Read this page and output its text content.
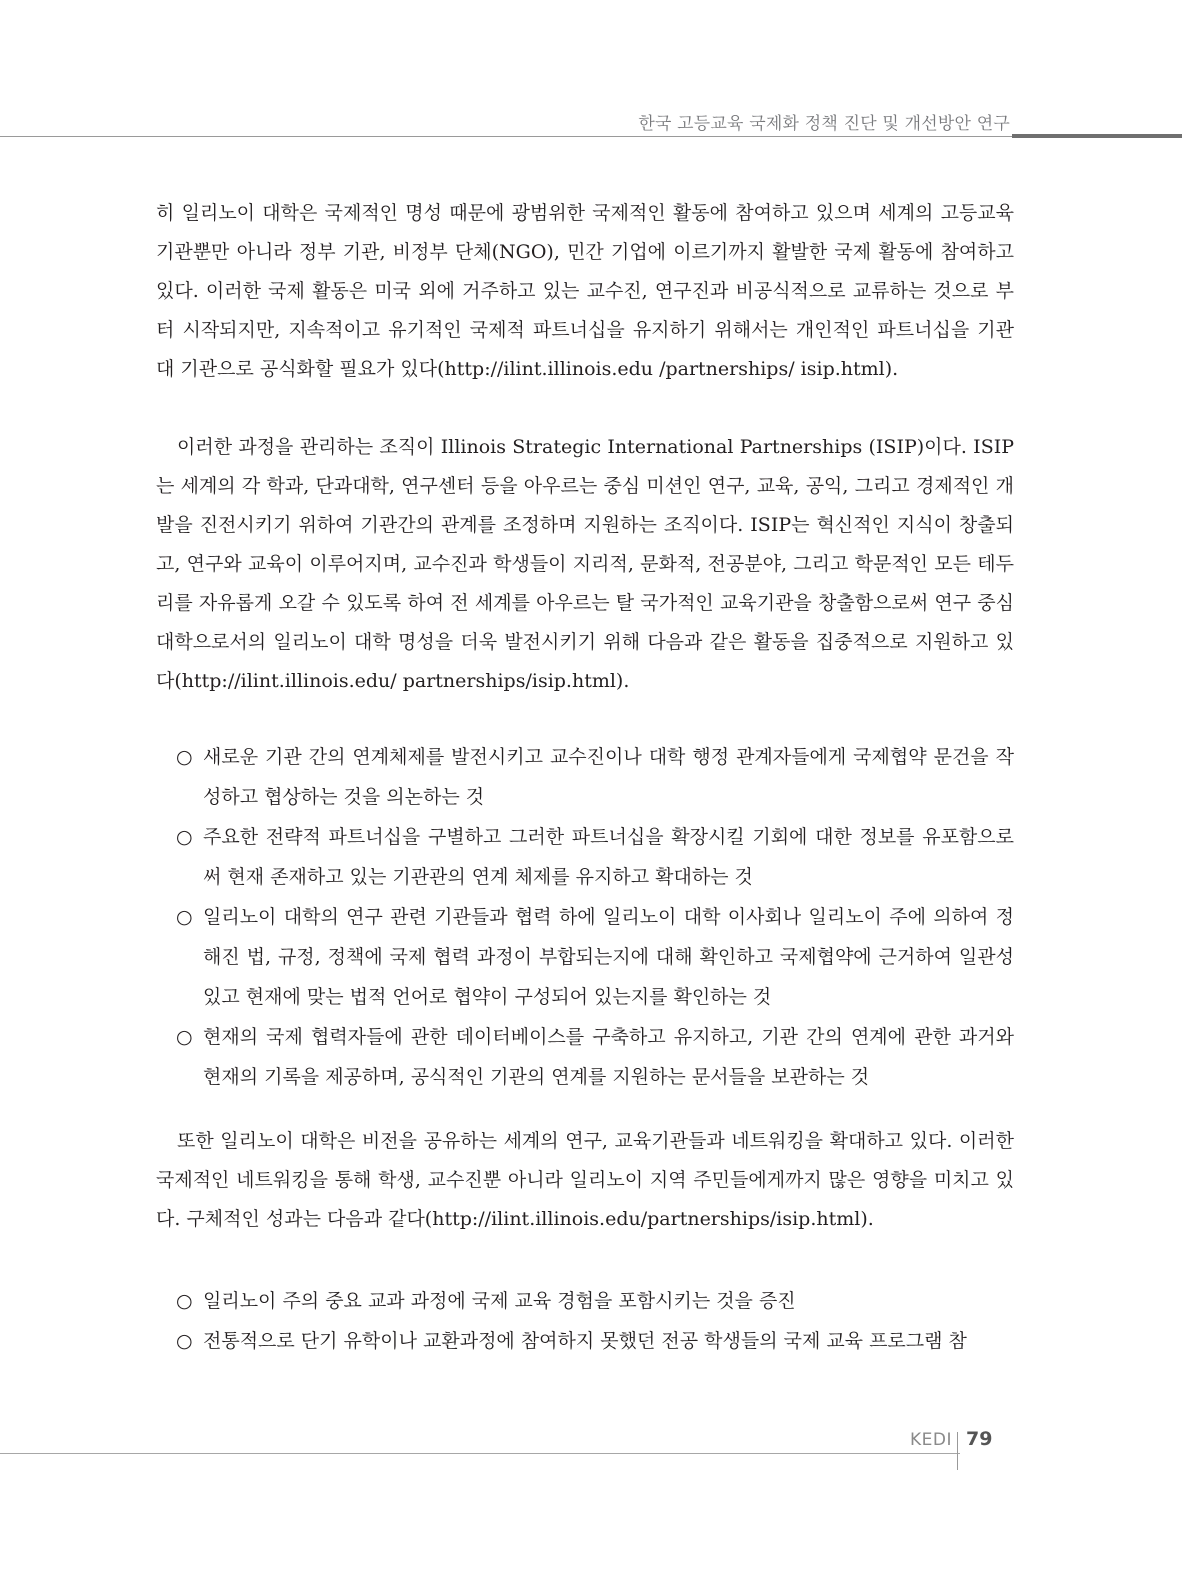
한국 고등교육 국제화 정책 진단 및 개선방안 연구

히 일리노이 대학은 국제적인 명성 때문에 광범위한 국제적인 활동에 참여하고 있으며 세계의 고등교육 기관뿐만 아니라 정부 기관, 비정부 단체(NGO), 민간 기업에 이르기까지 활발한 국제 활동에 참여하고 있다. 이러한 국제 활동은 미국 외에 거주하고 있는 교수진, 연구진과 비공식적으로 교류하는 것으로 부터 시작되지만, 지속적이고 유기적인 국제적 파트너십을 유지하기 위해서는 개인적인 파트너십을 기관 대 기관으로 공식화할 필요가 있다(http://ilint.illinois.edu /partnerships/ isip.html).

이러한 과정을 관리하는 조직이 Illinois Strategic International Partnerships (ISIP)이다. ISIP는 세계의 각 학과, 단과대학, 연구센터 등을 아우르는 중심 미션인 연구, 교육, 공익, 그리고 경제적인 개발을 진전시키기 위하여 기관간의 관계를 조정하며 지원하는 조직이다. ISIP는 혁신적인 지식이 창출되고, 연구와 교육이 이루어지며, 교수진과 학생들이 지리적, 문화적, 전공분야, 그리고 학문적인 모든 테두리를 자유롭게 오갈 수 있도록 하여 전 세계를 아우르는 탈 국가적인 교육기관을 창출함으로써 연구 중심 대학으로서의 일리노이 대학 명성을 더욱 발전시키기 위해 다음과 같은 활동을 집중적으로 지원하고 있다(http://ilint.illinois.edu/ partnerships/isip.html).

○ 새로운 기관 간의 연계체제를 발전시키고 교수진이나 대학 행정 관계자들에게 국제협약 문건을 작성하고 협상하는 것을 의논하는 것
○ 주요한 전략적 파트너십을 구별하고 그러한 파트너십을 확장시킬 기회에 대한 정보를 유포함으로써 현재 존재하고 있는 기관관의 연계 체제를 유지하고 확대하는 것
○ 일리노이 대학의 연구 관련 기관들과 협력 하에 일리노이 대학 이사회나 일리노이 주에 의하여 정해진 법, 규정, 정책에 국제 협력 과정이 부합되는지에 대해 확인하고 국제협약에 근거하여 일관성 있고 현재에 맞는 법적 언어로 협약이 구성되어 있는지를 확인하는 것
○ 현재의 국제 협력자들에 관한 데이터베이스를 구축하고 유지하고, 기관 간의 연계에 관한 과거와 현재의 기록을 제공하며, 공식적인 기관의 연계를 지원하는 문서들을 보관하는 것

또한 일리노이 대학은 비전을 공유하는 세계의 연구, 교육기관들과 네트워킹을 확대하고 있다. 이러한 국제적인 네트워킹을 통해 학생, 교수진뿐 아니라 일리노이 지역 주민들에게까지 많은 영향을 미치고 있다. 구체적인 성과는 다음과 같다(http://ilint.illinois.edu/partnerships/isip.html).

○ 일리노이 주의 중요 교과 과정에 국제 교육 경험을 포함시키는 것을 증진
○ 전통적으로 단기 유학이나 교환과정에 참여하지 못했던 전공 학생들의 국제 교육 프로그램 참
KEDI 79
